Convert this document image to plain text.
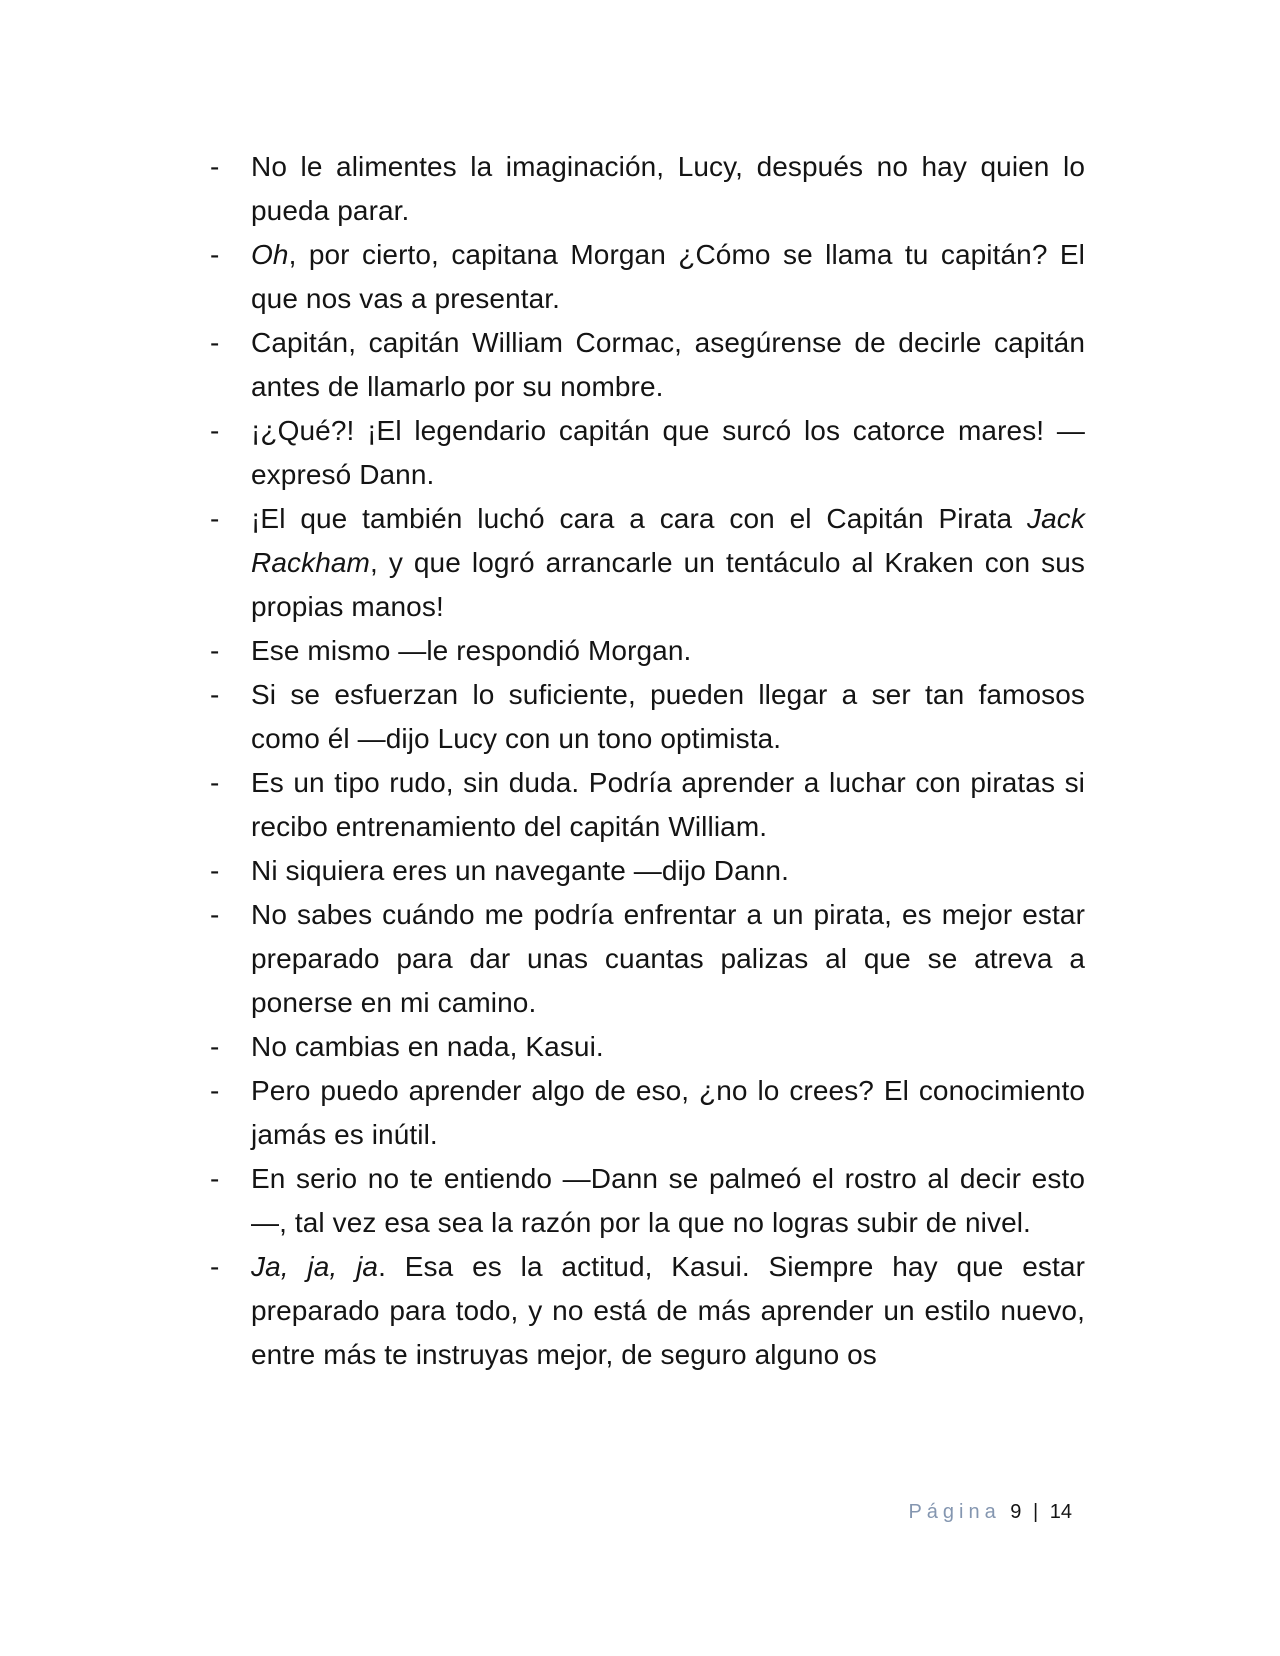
- No le alimentes la imaginación, Lucy, después no hay quien lo pueda parar.
- Oh, por cierto, capitana Morgan ¿Cómo se llama tu capitán? El que nos vas a presentar.
- Capitán, capitán William Cormac, asegúrense de decirle capitán antes de llamarlo por su nombre.
- ¡¿Qué?! ¡El legendario capitán que surcó los catorce mares! —expresó Dann.
- ¡El que también luchó cara a cara con el Capitán Pirata Jack Rackham, y que logró arrancarle un tentáculo al Kraken con sus propias manos!
- Ese mismo —le respondió Morgan.
- Si se esfuerzan lo suficiente, pueden llegar a ser tan famosos como él —dijo Lucy con un tono optimista.
- Es un tipo rudo, sin duda. Podría aprender a luchar con piratas si recibo entrenamiento del capitán William.
- Ni siquiera eres un navegante —dijo Dann.
- No sabes cuándo me podría enfrentar a un pirata, es mejor estar preparado para dar unas cuantas palizas al que se atreva a ponerse en mi camino.
- No cambias en nada, Kasui.
- Pero puedo aprender algo de eso, ¿no lo crees? El conocimiento jamás es inútil.
- En serio no te entiendo —Dann se palmeó el rostro al decir esto—, tal vez esa sea la razón por la que no logras subir de nivel.
- Ja, ja, ja. Esa es la actitud, Kasui. Siempre hay que estar preparado para todo, y no está de más aprender un estilo nuevo, entre más te instruyas mejor, de seguro alguno os
Página 9 | 14
